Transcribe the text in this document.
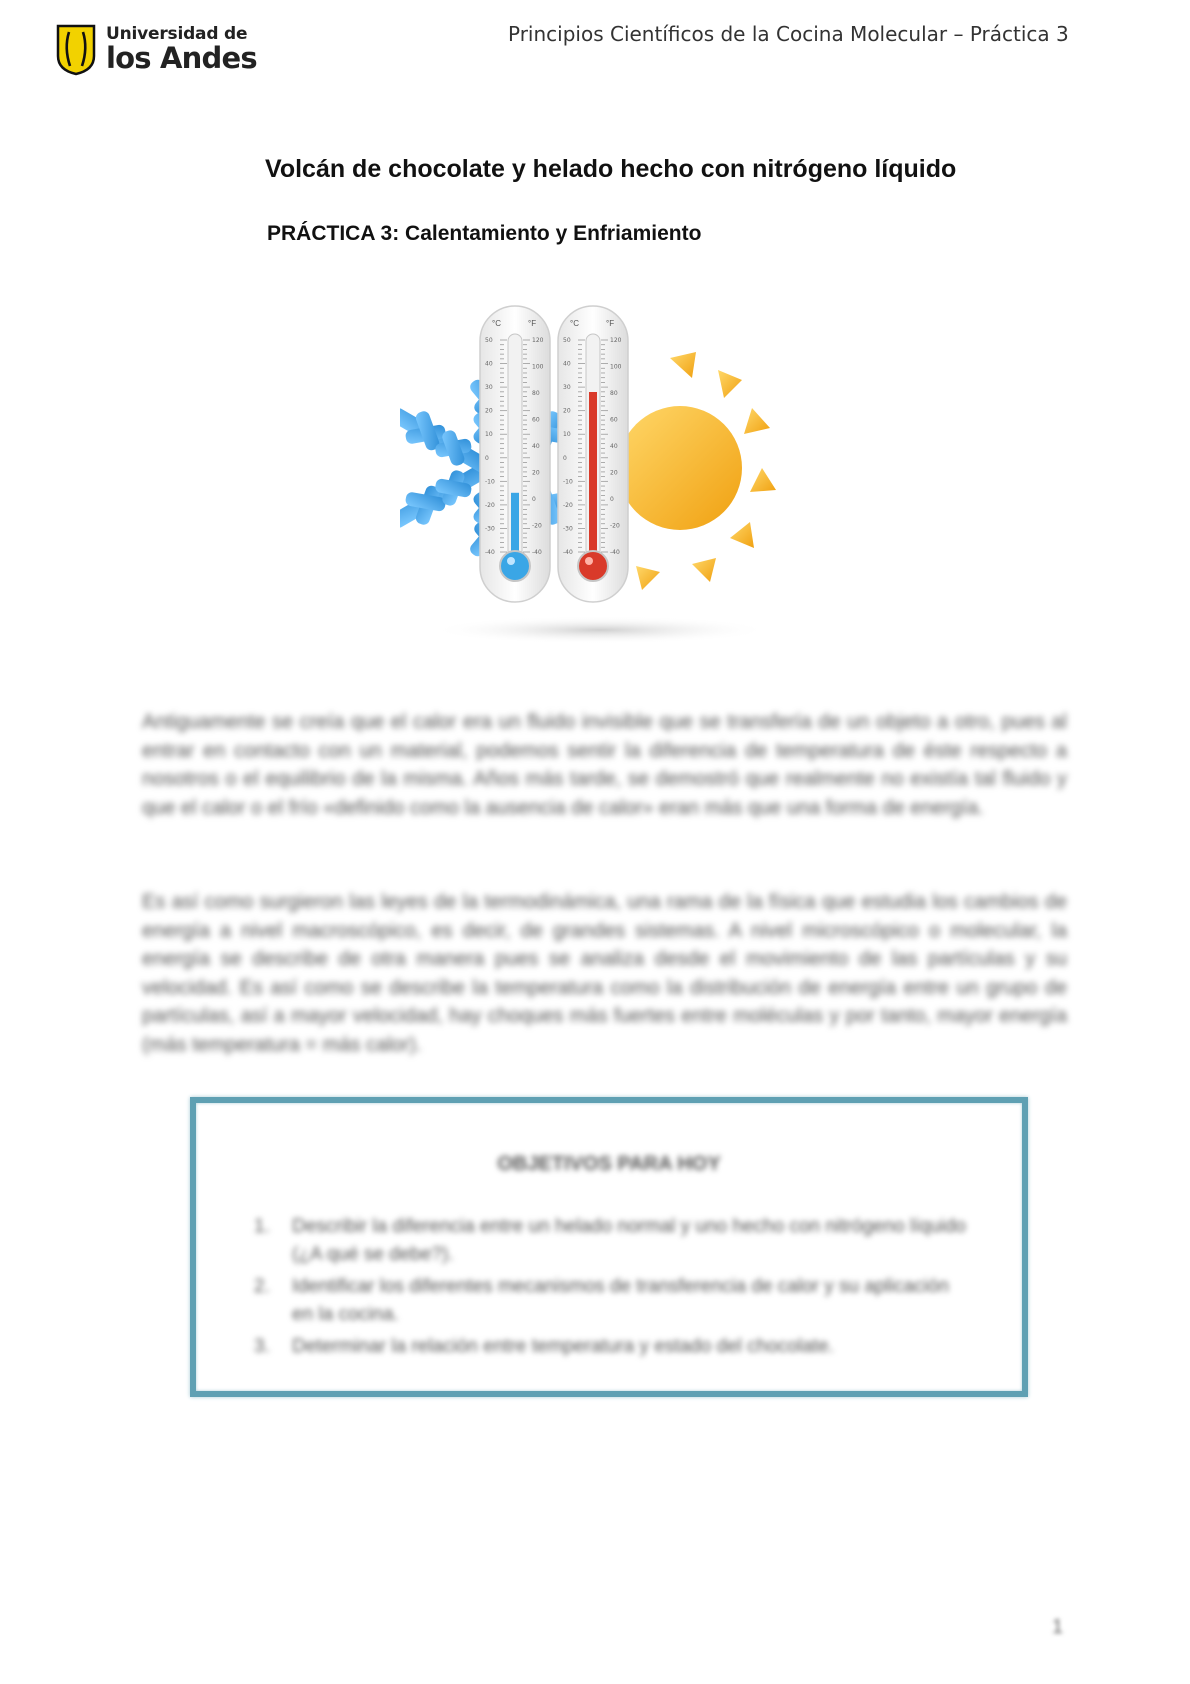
Universidad de
los Andes
Principios Científicos de la Cocina Molecular – Práctica 3
Volcán de chocolate y helado hecho con nitrógeno líquido
PRÁCTICA 3: Calentamiento y Enfriamiento
50
40
30
20
10
0
-10
-20
-30
-40
120
100
80
60
40
20
0
-20
-40
°C	°F
50
40
30
20
10
0
-10
-20
-30
-40
120
100
80
60
40
20
0
-20
-40
°C	°F

Antiguamente se creía que el calor era un fluido invisible que se transfería de un objeto a otro, pues al entrar en contacto con un material, podemos sentir la diferencia de temperatura de éste respecto a nosotros o el equilibrio de la misma. Años más tarde, se demostró que realmente no existía tal fluido y que el calor o el frío «definido como la ausencia de calor» eran más que una forma de energía.

Es así como surgieron las leyes de la termodinámica, una rama de la física que estudia los cambios de energía a nivel macroscópico, es decir, de grandes sistemas. A nivel microscópico o molecular, la energía se describe de otra manera pues se analiza desde el movimiento de las partículas y su velocidad. Es así como se describe la temperatura como la distribución de energía entre un grupo de partículas, así a mayor velocidad, hay choques más fuertes entre moléculas y por tanto, mayor energía (más temperatura = más calor).

OBJETIVOS PARA HOY
1. Describir la diferencia entre un helado normal y uno hecho con nitrógeno líquido (¿A qué se debe?).
2. Identificar los diferentes mecanismos de transferencia de calor y su aplicación en la cocina.
3. Determinar la relación entre temperatura y estado del chocolate.
1
